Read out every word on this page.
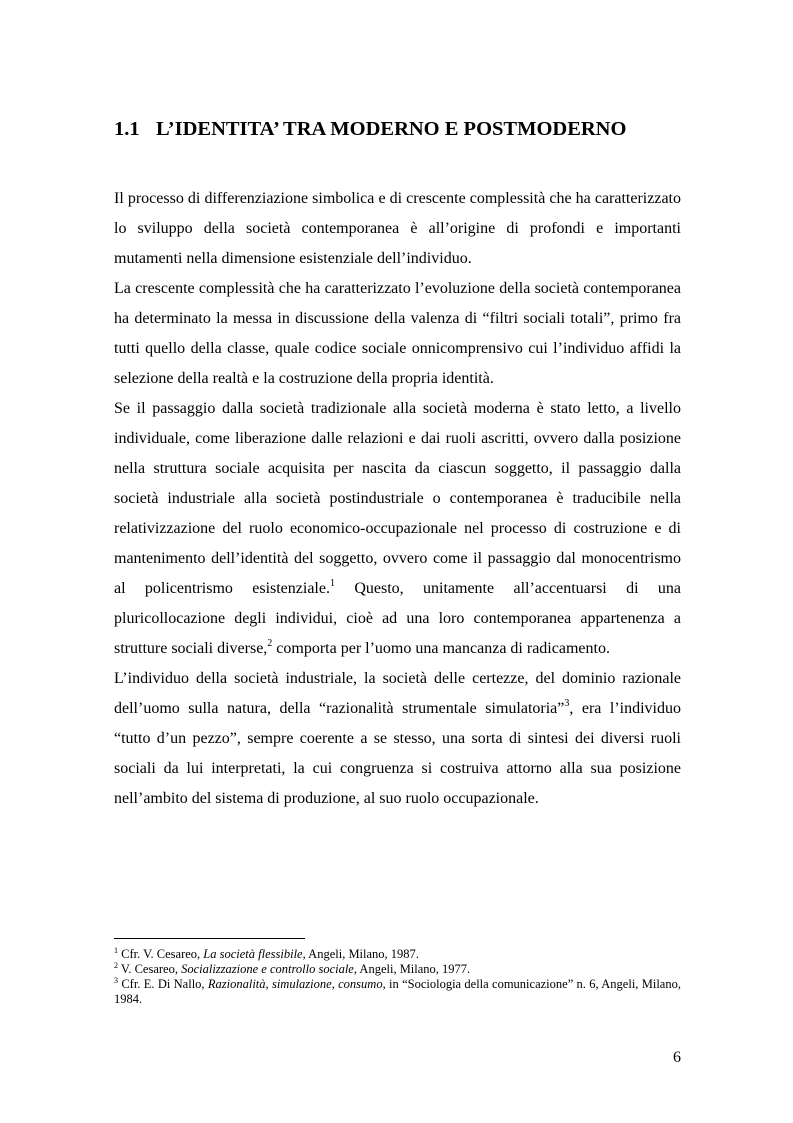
1.1 L’IDENTITA’ TRA MODERNO E POSTMODERNO

Il processo di differenziazione simbolica e di crescente complessità che ha caratterizzato lo sviluppo della società contemporanea è all’origine di profondi e importanti mutamenti nella dimensione esistenziale dell’individuo.

La crescente complessità che ha caratterizzato l’evoluzione della società contemporanea ha determinato la messa in discussione della valenza di “filtri sociali totali”, primo fra tutti quello della classe, quale codice sociale onnicomprensivo cui l’individuo affidi la selezione della realtà e la costruzione della propria identità.

Se il passaggio dalla società tradizionale alla società moderna è stato letto, a livello individuale, come liberazione dalle relazioni e dai ruoli ascritti, ovvero dalla posizione nella struttura sociale acquisita per nascita da ciascun soggetto, il passaggio dalla società industriale alla società postindustriale o contemporanea è traducibile nella relativizzazione del ruolo economico-occupazionale nel processo di costruzione e di mantenimento dell’identità del soggetto, ovvero come il passaggio dal monocentrismo al policentrismo esistenziale.$^1$ Questo, unitamente all’accentuarsi di una pluricollocazione degli individui, cioè ad una loro contemporanea appartenenza a strutture sociali diverse,$^2$ comporta per l’uomo una mancanza di radicamento.

L’individuo della società industriale, la società delle certezze, del dominio razionale dell’uomo sulla natura, della “razionalità strumentale simulatoria”$^3$, era l’individuo “tutto d’un pezzo”, sempre coerente a se stesso, una sorta di sintesi dei diversi ruoli sociali da lui interpretati, la cui congruenza si costruiva attorno alla sua posizione nell’ambito del sistema di produzione, al suo ruolo occupazionale.

$^1$ Cfr. V. Cesareo, La società flessibile, Angeli, Milano, 1987.

$^2$ V. Cesareo, Socializzazione e controllo sociale, Angeli, Milano, 1977.

$^3$ Cfr. E. Di Nallo, Razionalità, simulazione, consumo, in “Sociologia della comunicazione” n. 6, Angeli, Milano, 1984.

6
